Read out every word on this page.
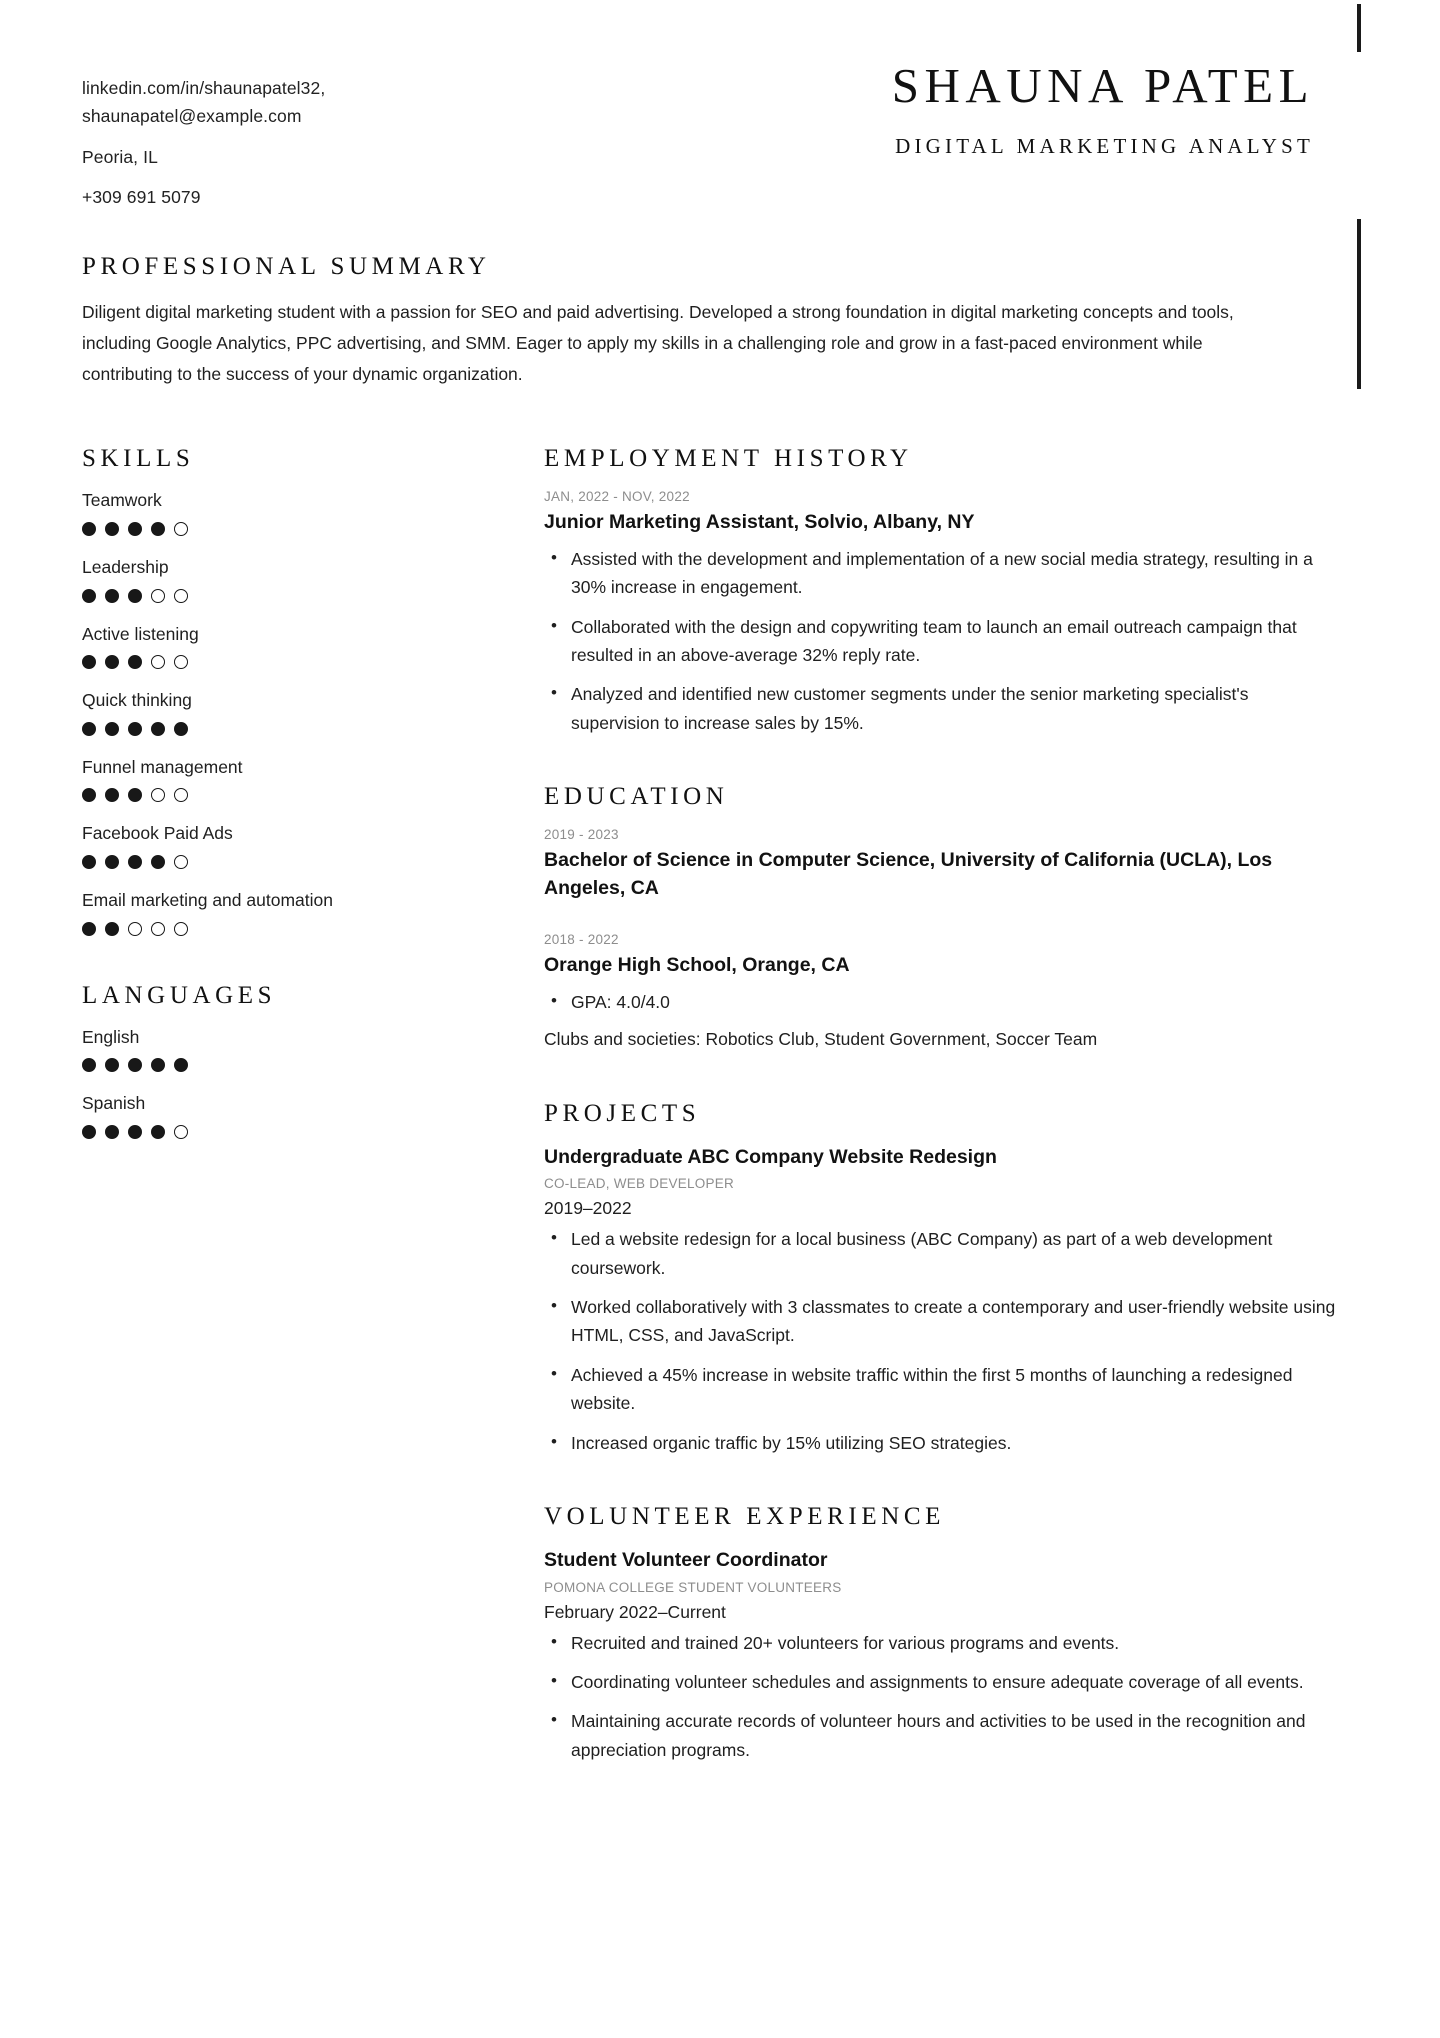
linkedin.com/in/shaunapatel32,
shaunapatel@example.com
Peoria, IL
+309 691 5079
SHAUNA PATEL
DIGITAL MARKETING ANALYST
PROFESSIONAL SUMMARY
Diligent digital marketing student with a passion for SEO and paid advertising. Developed a strong foundation in digital marketing concepts and tools, including Google Analytics, PPC advertising, and SMM. Eager to apply my skills in a challenging role and grow in a fast-paced environment while contributing to the success of your dynamic organization.
SKILLS
Teamwork
Leadership
Active listening
Quick thinking
Funnel management
Facebook Paid Ads
Email marketing and automation
LANGUAGES
English
Spanish
EMPLOYMENT HISTORY
JAN, 2022 - NOV, 2022
Junior Marketing Assistant, Solvio, Albany, NY
• Assisted with the development and implementation of a new social media strategy, resulting in a 30% increase in engagement.
• Collaborated with the design and copywriting team to launch an email outreach campaign that resulted in an above-average 32% reply rate.
• Analyzed and identified new customer segments under the senior marketing specialist's supervision to increase sales by 15%.
EDUCATION
2019 - 2023
Bachelor of Science in Computer Science, University of California (UCLA), Los Angeles, CA
2018 - 2022
Orange High School, Orange, CA
• GPA: 4.0/4.0
Clubs and societies: Robotics Club, Student Government, Soccer Team
PROJECTS
Undergraduate ABC Company Website Redesign
CO-LEAD, WEB DEVELOPER
2019–2022
• Led a website redesign for a local business (ABC Company) as part of a web development coursework.
• Worked collaboratively with 3 classmates to create a contemporary and user-friendly website using HTML, CSS, and JavaScript.
• Achieved a 45% increase in website traffic within the first 5 months of launching a redesigned website.
• Increased organic traffic by 15% utilizing SEO strategies.
VOLUNTEER EXPERIENCE
Student Volunteer Coordinator
POMONA COLLEGE STUDENT VOLUNTEERS
February 2022–Current
• Recruited and trained 20+ volunteers for various programs and events.
• Coordinating volunteer schedules and assignments to ensure adequate coverage of all events.
• Maintaining accurate records of volunteer hours and activities to be used in the recognition and appreciation programs.
